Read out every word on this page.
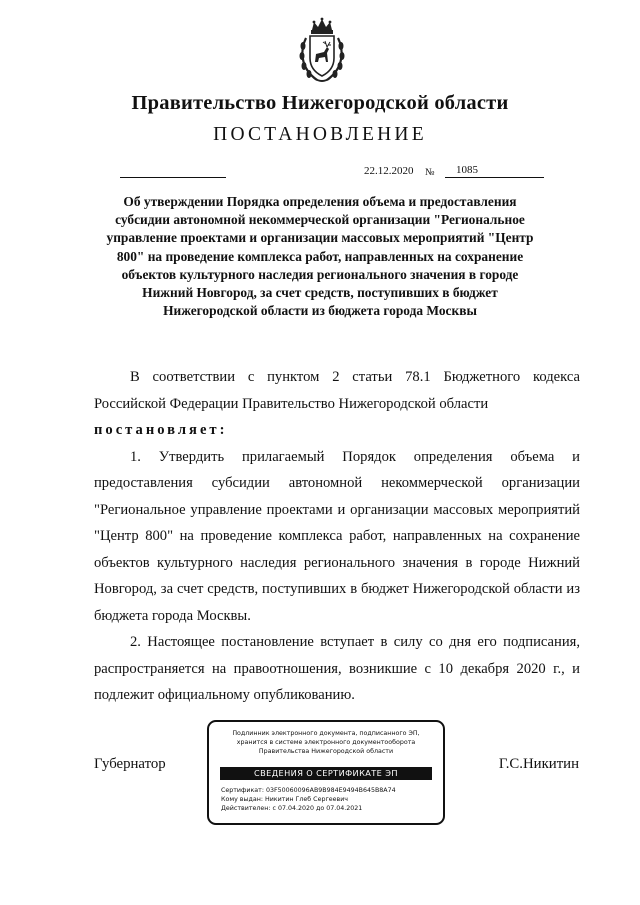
Правительство Нижегородской области
ПОСТАНОВЛЕНИЕ
22.12.2020 № 1085
Об утверждении Порядка определения объема и предоставления субсидии автономной некоммерческой организации "Региональное управление проектами и организации массовых мероприятий "Центр 800" на проведение комплекса работ, направленных на сохранение объектов культурного наследия регионального значения в городе Нижний Новгород, за счет средств, поступивших в бюджет Нижегородской области из бюджета города Москвы

В соответствии с пунктом 2 статьи 78.1 Бюджетного кодекса Российской Федерации Правительство Нижегородской области

постановляет:

1. Утвердить прилагаемый Порядок определения объема и предоставления субсидии автономной некоммерческой организации "Региональное управление проектами и организации массовых мероприятий "Центр 800" на проведение комплекса работ, направленных на сохранение объектов культурного наследия регионального значения в городе Нижний Новгород, за счет средств, поступивших в бюджет Нижегородской области из бюджета города Москвы.

2. Настоящее постановление вступает в силу со дня его подписания, распространяется на правоотношения, возникшие с 10 декабря 2020 г., и подлежит официальному опубликованию.

Губернатор	Г.С.Никитин
Подлинник электронного документа, подписанного ЭП,
хранится в системе электронного документооборота
Правительства Нижегородской области
СВЕДЕНИЯ О СЕРТИФИКАТЕ ЭП
Сертификат: 03F50060096AB9B984E9494B645B8A74
Кому выдан: Никитин Глеб Сергеевич
Действителен: с 07.04.2020 до 07.04.2021
